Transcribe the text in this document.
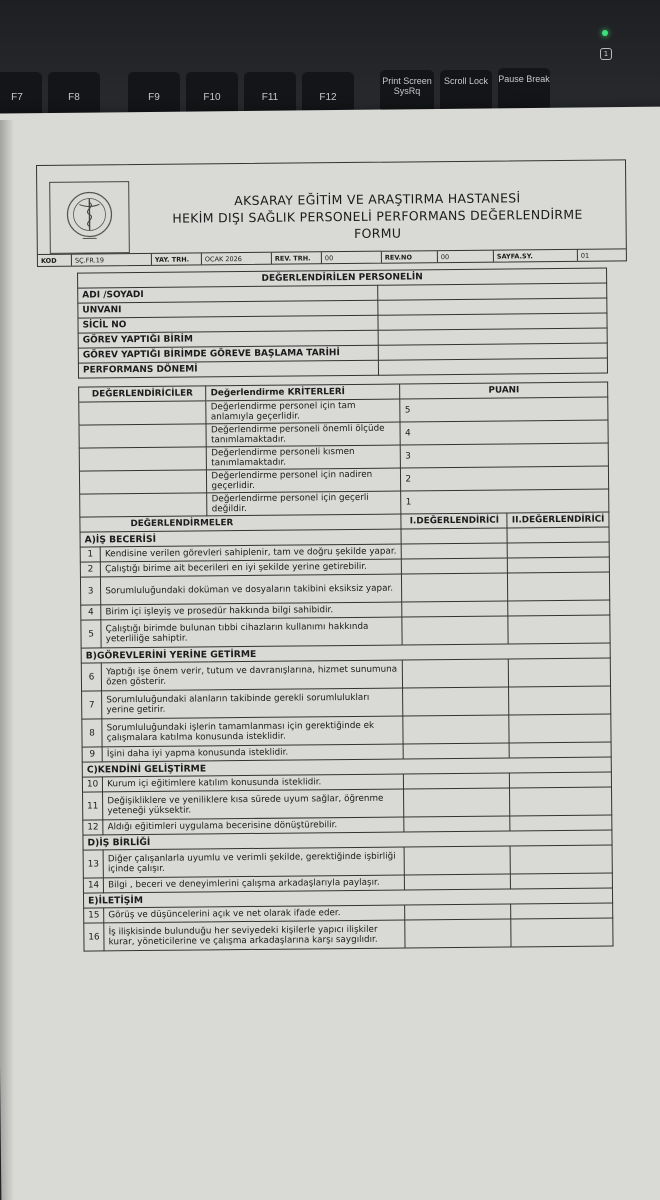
1
F7	F8	F9	F10	F11	F12
Print Screen SysRq
Scroll Lock	Pause Break
AKSARAY EĞİTİM VE ARAŞTIRMA HASTANESİ
HEKİM DIŞI SAĞLIK PERSONELİ PERFORMANS DEĞERLENDİRME FORMU
KOD	SÇ.FR.19	YAY. TRH.	OCAK 2026	REV. TRH.	00	REV.NO	00	SAYFA.SY.	01
DEĞERLENDİRİLEN PERSONELİN	
ADI /SOYADI	
UNVANI	
SİCİL NO	
GÖREV YAPTIĞI BİRİM	
GÖREV YAPTIĞI BİRİMDE GÖREVE BAŞLAMA TARİHİ	
PERFORMANS DÖNEMİ	
DEĞERLENDİRİCİLER		Değerlendirme KRİTERLERİ	PUANI	
		Değerlendirme personel için tam anlamıyla geçerlidir.	5	
		Değerlendirme personeli önemli ölçüde tanımlamaktadır.	4	
		Değerlendirme personeli kısmen tanımlamaktadır.	3	
		Değerlendirme personel için nadiren geçerlidir.	2	
		Değerlendirme personel için geçerli değildir.	1	
DEĞERLENDİRMELER			I.DEĞERLENDİRİCİ	II.DEĞERLENDİRİCİ
A)İŞ BECERİSİ				
1	Kendisine verilen görevleri sahiplenir, tam ve doğru şekilde yapar.			
2	Çalıştığı birime ait becerileri en iyi şekilde yerine getirebilir.			
3	Sorumluluğundaki doküman ve dosyaların takibini eksiksiz yapar.			
4	Birim içi işleyiş ve prosedür hakkında bilgi sahibidir.			
5	Çalıştığı birimde bulunan tıbbi cihazların kullanımı hakkında yeterliliğe sahiptir.			
B)GÖREVLERİNİ YERİNE GETİRME				
6	Yaptığı işe önem verir, tutum ve davranışlarına, hizmet sunumuna özen gösterir.			
7	Sorumluluğundaki alanların takibinde gerekli sorumlulukları yerine getirir.			
8	Sorumluluğundaki işlerin tamamlanması için gerektiğinde ek çalışmalara katılma konusunda isteklidir.			
9	İşini daha iyi yapma konusunda isteklidir.			
C)KENDİNİ GELİŞTİRME				
10	Kurum içi eğitimlere katılım konusunda isteklidir.			
11	Değişikliklere ve yeniliklere kısa sürede uyum sağlar, öğrenme yeteneği yüksektir.			
12	Aldığı eğitimleri uygulama becerisine dönüştürebilir.			
D)İŞ BİRLİĞİ				
13	Diğer çalışanlarla uyumlu ve verimli şekilde, gerektiğinde işbirliği içinde çalışır.			
14	Bilgi , beceri ve deneyimlerini çalışma arkadaşlarıyla paylaşır.			
E)İLETİŞİM				
15	Görüş ve düşüncelerini açık ve net olarak ifade eder.			
16	İş ilişkisinde bulunduğu her seviyedeki kişilerle yapıcı ilişkiler kurar, yöneticilerine ve çalışma arkadaşlarına karşı saygılıdır.			
